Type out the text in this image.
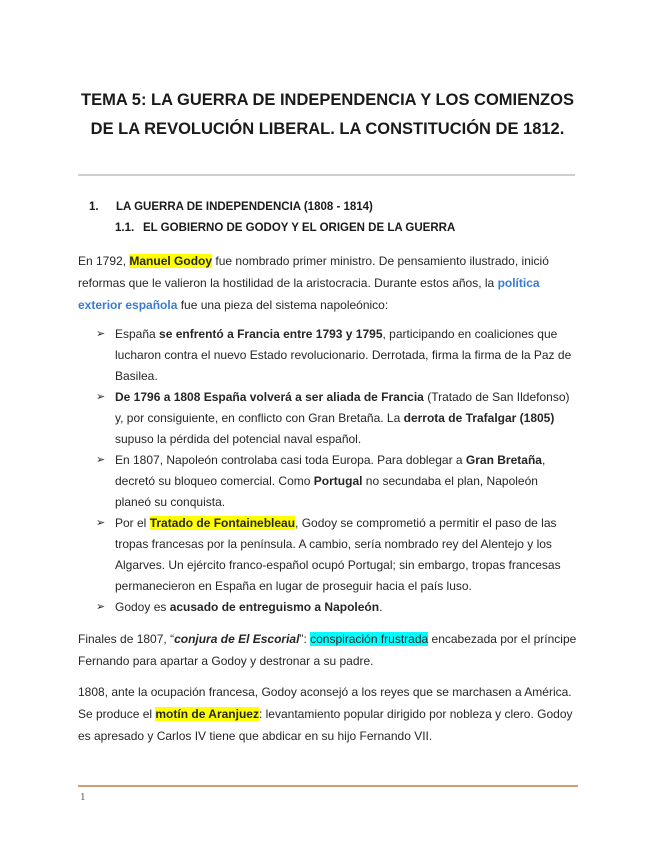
TEMA 5: LA GUERRA DE INDEPENDENCIA Y LOS COMIENZOS
DE LA REVOLUCIÓN LIBERAL. LA CONSTITUCIÓN DE 1812.
1. LA GUERRA DE INDEPENDENCIA (1808 - 1814)
1.1. EL GOBIERNO DE GODOY Y EL ORIGEN DE LA GUERRA

En 1792, Manuel Godoy fue nombrado primer ministro. De pensamiento ilustrado, inició reformas que le valieron la hostilidad de la aristocracia. Durante estos años, la política exterior española fue una pieza del sistema napoleónico:

➢ España se enfrentó a Francia entre 1793 y 1795, participando en coaliciones que lucharon contra el nuevo Estado revolucionario. Derrotada, firma la firma de la Paz de Basilea.
➢ De 1796 a 1808 España volverá a ser aliada de Francia (Tratado de San Ildefonso) y, por consiguiente, en conflicto con Gran Bretaña. La derrota de Trafalgar (1805) supuso la pérdida del potencial naval español.
➢ En 1807, Napoleón controlaba casi toda Europa. Para doblegar a Gran Bretaña, decretó su bloqueo comercial. Como Portugal no secundaba el plan, Napoleón planeó su conquista.
➢ Por el Tratado de Fontainebleau, Godoy se comprometió a permitir el paso de las tropas francesas por la península. A cambio, sería nombrado rey del Alentejo y los Algarves. Un ejército franco-español ocupó Portugal; sin embargo, tropas francesas permanecieron en España en lugar de proseguir hacia el país luso.
➢ Godoy es acusado de entreguismo a Napoleón.

Finales de 1807, “conjura de El Escorial”: conspiración frustrada encabezada por el príncipe Fernando para apartar a Godoy y destronar a su padre.

1808, ante la ocupación francesa, Godoy aconsejó a los reyes que se marchasen a América. Se produce el motín de Aranjuez: levantamiento popular dirigido por nobleza y clero. Godoy es apresado y Carlos IV tiene que abdicar en su hijo Fernando VII.

1
